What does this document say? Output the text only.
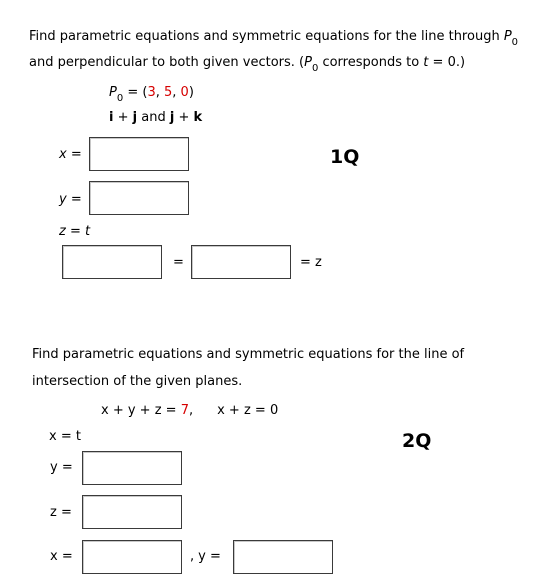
Find parametric equations and symmetric equations for the line through $P_0$
and perpendicular to both given vectors. ($P_0$ corresponds to t = 0.)
$P_0 = (3$, 5, 0)
i + j and j + k
x =	1Q
y =
z = t
=	= z
Find parametric equations and symmetric equations for the line of
intersection of the given planes.
x + y + z = 7, x + z = 0
x = t	2Q
y =
z =
x =	, y =
